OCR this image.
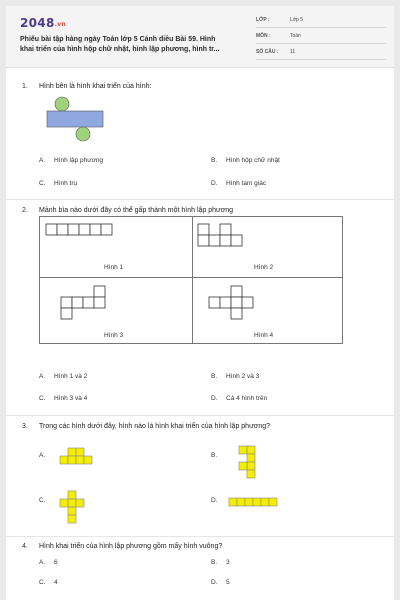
2048.vn
Phiếu bài tập hàng ngày Toán lớp 5 Cánh diều Bài 59. Hình
khai triển của hình hộp chữ nhật, hình lập phương, hình tr...
LỚP :	Lớp 5
MÔN :	Toán
SỐ CÂU : 11
1. Hình bên là hình khai triển của hình:
A. Hình lập phương	B. Hình hộp chữ nhật
C. Hình trụ	D. Hình tam giác
2. Mảnh bìa nào dưới đây có thể gấp thành một hình lập phương
Hình 1	Hình 2
Hình 3	Hình 4
A. Hình 1 và 2	B. Hình 2 và 3
C. Hình 3 và 4	D. Cả 4 hình trên
3. Trong các hình dưới đây, hình nào là hình khai triển của hình lập phương?
A.	B.
C.	D.
4. Hình khai triển của hình lập phương gồm mấy hình vuông?
A. 6	B. 3
C. 4	D. 5
